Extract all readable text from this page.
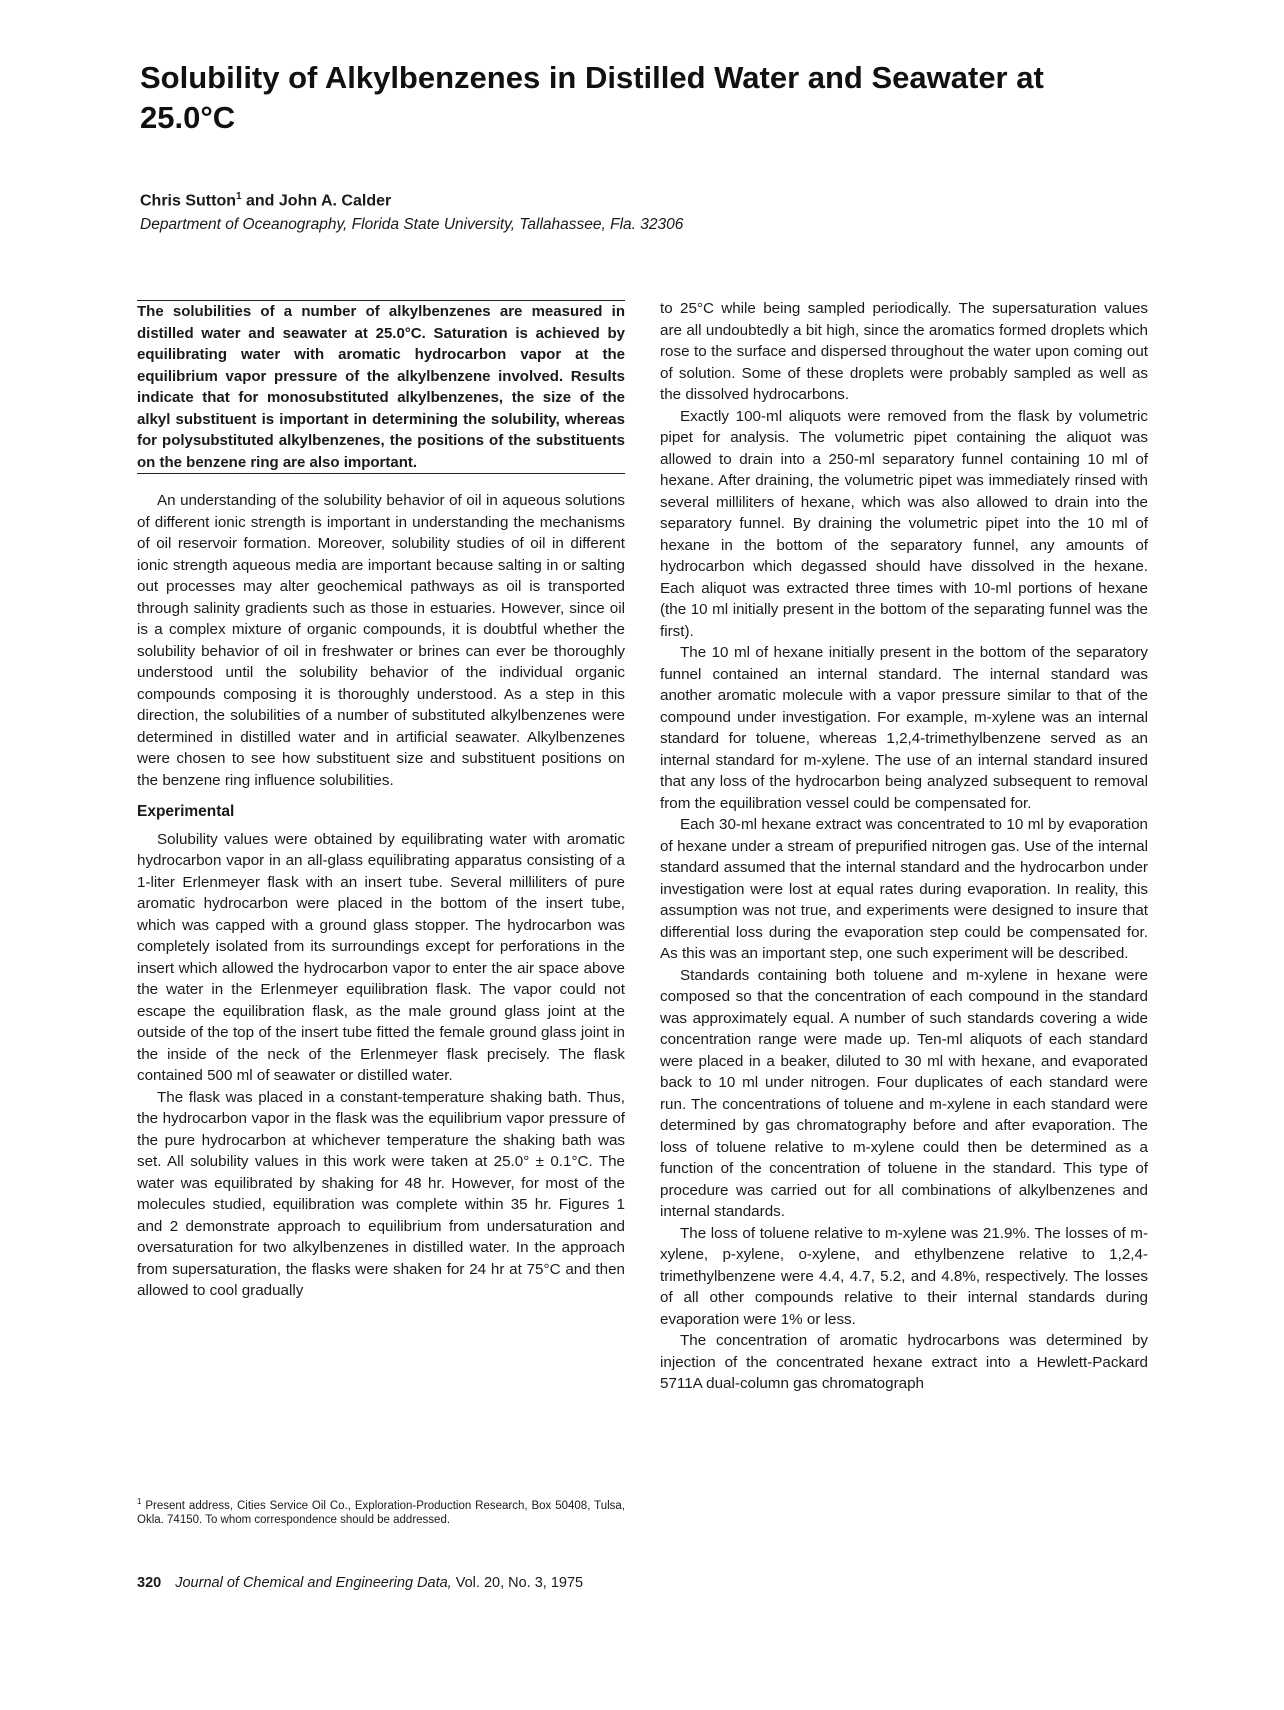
Solubility of Alkylbenzenes in Distilled Water and Seawater at 25.0°C

Chris Sutton$^1$ and John A. Calder

Department of Oceanography, Florida State University, Tallahassee, Fla. 32306

The solubilities of a number of alkylbenzenes are measured in distilled water and seawater at 25.0°C. Saturation is achieved by equilibrating water with aromatic hydrocarbon vapor at the equilibrium vapor pressure of the alkylbenzene involved. Results indicate that for monosubstituted alkylbenzenes, the size of the alkyl substituent is important in determining the solubility, whereas for polysubstituted alkylbenzenes, the positions of the substituents on the benzene ring are also important.

An understanding of the solubility behavior of oil in aqueous solutions of different ionic strength is important in understanding the mechanisms of oil reservoir formation. Moreover, solubility studies of oil in different ionic strength aqueous media are important because salting in or salting out processes may alter geochemical pathways as oil is transported through salinity gradients such as those in estuaries. However, since oil is a complex mixture of organic compounds, it is doubtful whether the solubility behavior of oil in freshwater or brines can ever be thoroughly understood until the solubility behavior of the individual organic compounds composing it is thoroughly understood. As a step in this direction, the solubilities of a number of substituted alkylbenzenes were determined in distilled water and in artificial seawater. Alkylbenzenes were chosen to see how substituent size and substituent positions on the benzene ring influence solubilities.

Experimental

Solubility values were obtained by equilibrating water with aromatic hydrocarbon vapor in an all-glass equilibrating apparatus consisting of a 1-liter Erlenmeyer flask with an insert tube. Several milliliters of pure aromatic hydrocarbon were placed in the bottom of the insert tube, which was capped with a ground glass stopper. The hydrocarbon was completely isolated from its surroundings except for perforations in the insert which allowed the hydrocarbon vapor to enter the air space above the water in the Erlenmeyer equilibration flask. The vapor could not escape the equilibration flask, as the male ground glass joint at the outside of the top of the insert tube fitted the female ground glass joint in the inside of the neck of the Erlenmeyer flask precisely. The flask contained 500 ml of seawater or distilled water.

The flask was placed in a constant-temperature shaking bath. Thus, the hydrocarbon vapor in the flask was the equilibrium vapor pressure of the pure hydrocarbon at whichever temperature the shaking bath was set. All solubility values in this work were taken at 25.0° ± 0.1°C. The water was equilibrated by shaking for 48 hr. However, for most of the molecules studied, equilibration was complete within 35 hr. Figures 1 and 2 demonstrate approach to equilibrium from undersaturation and oversaturation for two alkylbenzenes in distilled water. In the approach from supersaturation, the flasks were shaken for 24 hr at 75°C and then allowed to cool gradually

to 25°C while being sampled periodically. The supersaturation values are all undoubtedly a bit high, since the aromatics formed droplets which rose to the surface and dispersed throughout the water upon coming out of solution. Some of these droplets were probably sampled as well as the dissolved hydrocarbons.

Exactly 100-ml aliquots were removed from the flask by volumetric pipet for analysis. The volumetric pipet containing the aliquot was allowed to drain into a 250-ml separatory funnel containing 10 ml of hexane. After draining, the volumetric pipet was immediately rinsed with several milliliters of hexane, which was also allowed to drain into the separatory funnel. By draining the volumetric pipet into the 10 ml of hexane in the bottom of the separatory funnel, any amounts of hydrocarbon which degassed should have dissolved in the hexane. Each aliquot was extracted three times with 10-ml portions of hexane (the 10 ml initially present in the bottom of the separating funnel was the first).

The 10 ml of hexane initially present in the bottom of the separatory funnel contained an internal standard. The internal standard was another aromatic molecule with a vapor pressure similar to that of the compound under investigation. For example, m-xylene was an internal standard for toluene, whereas 1,2,4-trimethylbenzene served as an internal standard for m-xylene. The use of an internal standard insured that any loss of the hydrocarbon being analyzed subsequent to removal from the equilibration vessel could be compensated for.

Each 30-ml hexane extract was concentrated to 10 ml by evaporation of hexane under a stream of prepurified nitrogen gas. Use of the internal standard assumed that the internal standard and the hydrocarbon under investigation were lost at equal rates during evaporation. In reality, this assumption was not true, and experiments were designed to insure that differential loss during the evaporation step could be compensated for. As this was an important step, one such experiment will be described.

Standards containing both toluene and m-xylene in hexane were composed so that the concentration of each compound in the standard was approximately equal. A number of such standards covering a wide concentration range were made up. Ten-ml aliquots of each standard were placed in a beaker, diluted to 30 ml with hexane, and evaporated back to 10 ml under nitrogen. Four duplicates of each standard were run. The concentrations of toluene and m-xylene in each standard were determined by gas chromatography before and after evaporation. The loss of toluene relative to m-xylene could then be determined as a function of the concentration of toluene in the standard. This type of procedure was carried out for all combinations of alkylbenzenes and internal standards.

The loss of toluene relative to m-xylene was 21.9%. The losses of m-xylene, p-xylene, o-xylene, and ethylbenzene relative to 1,2,4-trimethylbenzene were 4.4, 4.7, 5.2, and 4.8%, respectively. The losses of all other compounds relative to their internal standards during evaporation were 1% or less.

The concentration of aromatic hydrocarbons was determined by injection of the concentrated hexane extract into a Hewlett-Packard 5711A dual-column gas chromatograph

$^1$ Present address, Cities Service Oil Co., Exploration-Production Research, Box 50408, Tulsa, Okla. 74150. To whom correspondence should be addressed.
320 Journal of Chemical and Engineering Data, Vol. 20, No. 3, 1975
